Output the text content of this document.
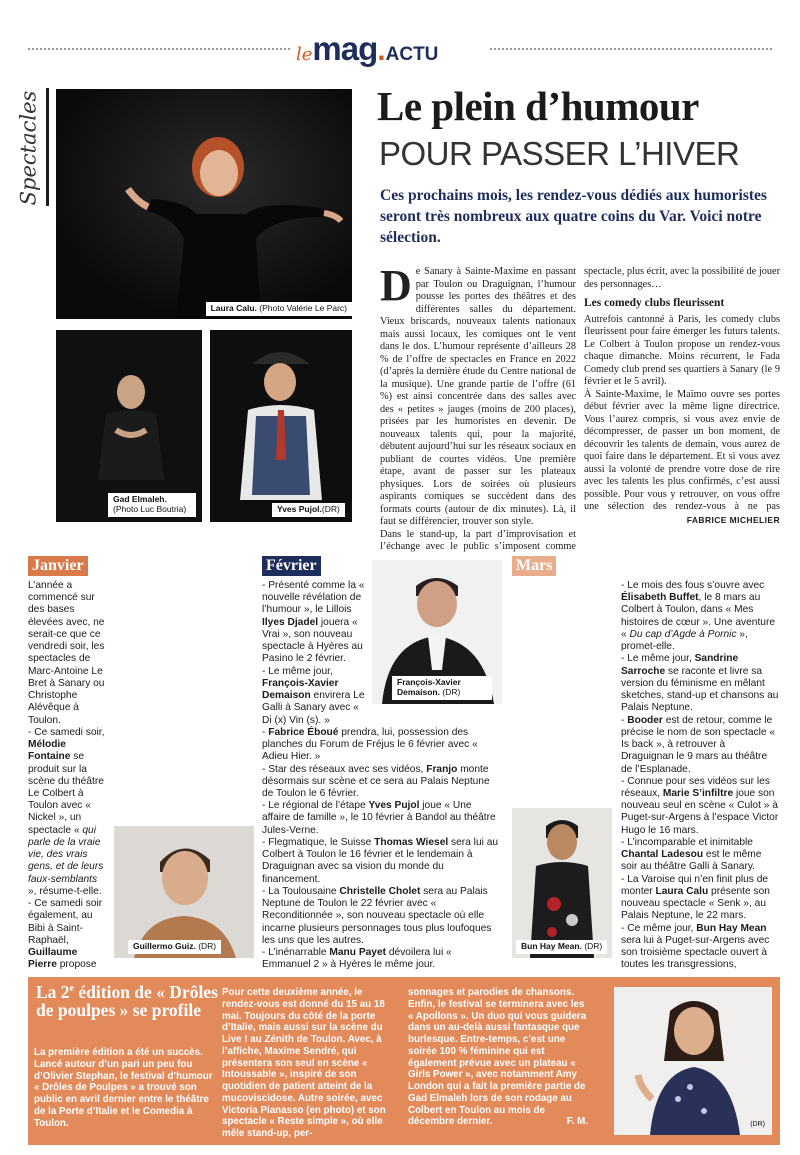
le mag . ACTU
Spectacles
Laura Calu. (Photo Valérie Le Parc)
Gad Elmaleh.
(Photo Luc Boutria)	Yves Pujol.(DR)
Le plein d’humour
POUR PASSER L’HIVER
Ces prochains mois, les rendez-vous dédiés aux humoristes seront très nombreux aux quatre coins du Var. Voici notre sélection.
D e Sanary à Sainte-Maxime en passant par Toulon ou Draguignan, l’humour pousse les portes des théâtres et des différentes salles du département. Vieux briscards, nouveaux talents nationaux mais aussi locaux, les comiques ont le vent dans le dos. L’humour représente d’ailleurs 28 % de l’offre de spectacles en France en 2022 (d’après la dernière étude du Centre national de la musique). Une grande partie de l’offre (61 %) est ainsi concentrée dans des salles avec des « petites » jauges (moins de 200 places), prisées par les humoristes en devenir. De nouveaux talents qui, pour la majorité, débutent aujourd’hui sur les réseaux sociaux en publiant de courtes vidéos. Une première étape, avant de passer sur les plateaux physiques. Lors de soirées où plusieurs aspirants comiques se succèdent dans des formats courts (autour de dix minutes). Là, il faut se différencier, trouver son style.

Dans le stand-up, la part d’improvisation et l’échange avec le public s’imposent comme

spectacle, plus écrit, avec la possibilité de jouer des personnages…

Les comedy clubs fleurissent

Autrefois cantonné à Paris, les comedy clubs fleurissent pour faire émerger les futurs talents. Le Colbert à Toulon propose un rendez-vous chaque dimanche. Moins récurrent, le Fada Comedy club prend ses quartiers à Sanary (le 9 février et le 5 avril).

À Sainte-Maxime, le Maïmo ouvre ses portes début février avec la même ligne directrice. Vous l’aurez compris, si vous avez envie de décompresser, de passer un bon moment, de découvrir les talents de demain, vous aurez de quoi faire dans le département. Et si vous avez aussi la volonté de prendre votre dose de rire avec les talents les plus confirmés, c’est aussi possible. Pour vous y retrouver, on vous offre une sélection des rendez-vous à ne pas

FABRICE MICHELIER
Janvier	Février	Mars

L’année a commencé sur des bases élevées avec, ne serait-ce que ce vendredi soir, les spectacles de Marc-Antoine Le Bret à Sanary ou Christophe Alévêque à Toulon.

- Ce samedi soir, Mélodie Fontaine se produit sur la scène du théâtre Le Colbert à Toulon avec « Nickel », un spectacle « qui parle de la vraie vie, des vrais gens, et de leurs faux-semblants », résume-t-elle.

- Ce samedi soir également, au Bibi à Saint-Raphaël, Guillaume Pierre propose

Guillermo Guiz. (DR)

- Présenté comme la « nouvelle révélation de l’humour », le Lillois Ilyes Djadel jouera « Vrai », son nouveau spectacle à Hyères au Pasino le 2 février.

- Le même jour, François-Xavier Demaison envirera Le Galli à Sanary avec « Di (x) Vin (s). »

- Fabrice Éboué prendra, lui, possession des planches du Forum de Fréjus le 6 février avec « Adieu Hier. »

- Star des réseaux avec ses vidéos, Franjo monte désormais sur scène et ce sera au Palais Neptune de Toulon le 6 février.

- Le régional de l’étape Yves Pujol joue « Une affaire de famille », le 10 février à Bandol au théâtre Jules-Verne.

- Flegmatique, le Suisse Thomas Wiesel sera lui au Colbert à Toulon le 16 février et le lendemain à Draguignan avec sa vision du monde du financement.

- La Toulousaine Christelle Cholet sera au Palais Neptune de Toulon le 22 février avec « Reconditionnée », son nouveau spectacle où elle incarne plusieurs personnages tous plus loufoques les uns que les autres.

- L’inénarrable Manu Payet dévoilera lui « Emmanuel 2 » à Hyères le même jour.

François-Xavier Demaison. (DR)

- Le mois des fous s’ouvre avec Élisabeth Buffet, le 8 mars au Colbert à Toulon, dans « Mes histoires de cœur ». Une aventure « Du cap d’Agde à Pornic », promet-elle.

- Le même jour, Sandrine Sarroche se raconte et livre sa version du féminisme en mêlant sketches, stand-up et chansons au Palais Neptune.

- Booder est de retour, comme le précise le nom de son spectacle « Is back », à retrouver à Draguignan le 9 mars au théâtre de l’Esplanade.

- Connue pour ses vidéos sur les réseaux, Marie S’infiltre joue son nouveau seul en scène « Culot » à Puget-sur-Argens à l’espace Victor Hugo le 16 mars.

- L’incomparable et inimitable Chantal Ladesou est le même soir au théâtre Galli à Sanary.

- La Varoise qui n’en finit plus de monter Laura Calu présente son nouveau spectacle « Senk », au Palais Neptune, le 22 mars.

- Ce même jour, Bun Hay Mean sera lui à Puget-sur-Argens avec son troisième spectacle ouvert à toutes les transgressions,

Bun Hay Mean. (DR)
La 2e édition de « Drôles de poulpes » se profile

La première édition a été un succès. Lancé autour d’un pari un peu fou d’Olivier Stephan, le festival d’humour « Drôles de Poulpes » a trouvé son public en avril dernier entre le théâtre de la Porte d’Italie et le Comedia à Toulon.

Pour cette deuxième année, le rendez-vous est donné du 15 au 18 mai. Toujours du côté de la porte d’Italie, mais aussi sur la scène du Live ! au Zénith de Toulon. Avec, à l’affiche, Maxime Sendré, qui présentera son seul en scène « Intoussable », inspiré de son quotidien de patient atteint de la mucoviscidose. Autre soirée, avec Victoria Pianasso (en photo) et son spectacle « Reste simple », où elle mêle stand-up, per-

sonnages et parodies de chansons. Enfin, le festival se terminera avec les « Apollons ». Un duo qui vous guidera dans un au-delà aussi fantasque que burlesque. Entre-temps, c’est une soirée 100 % féminine qui est également prévue avec un plateau « Girls Power », avec notamment Amy London qui a fait la première partie de Gad Elmaleh lors de son rodage au Colbert en Toulon au mois de décembre dernier.	F. M.	(DR)
